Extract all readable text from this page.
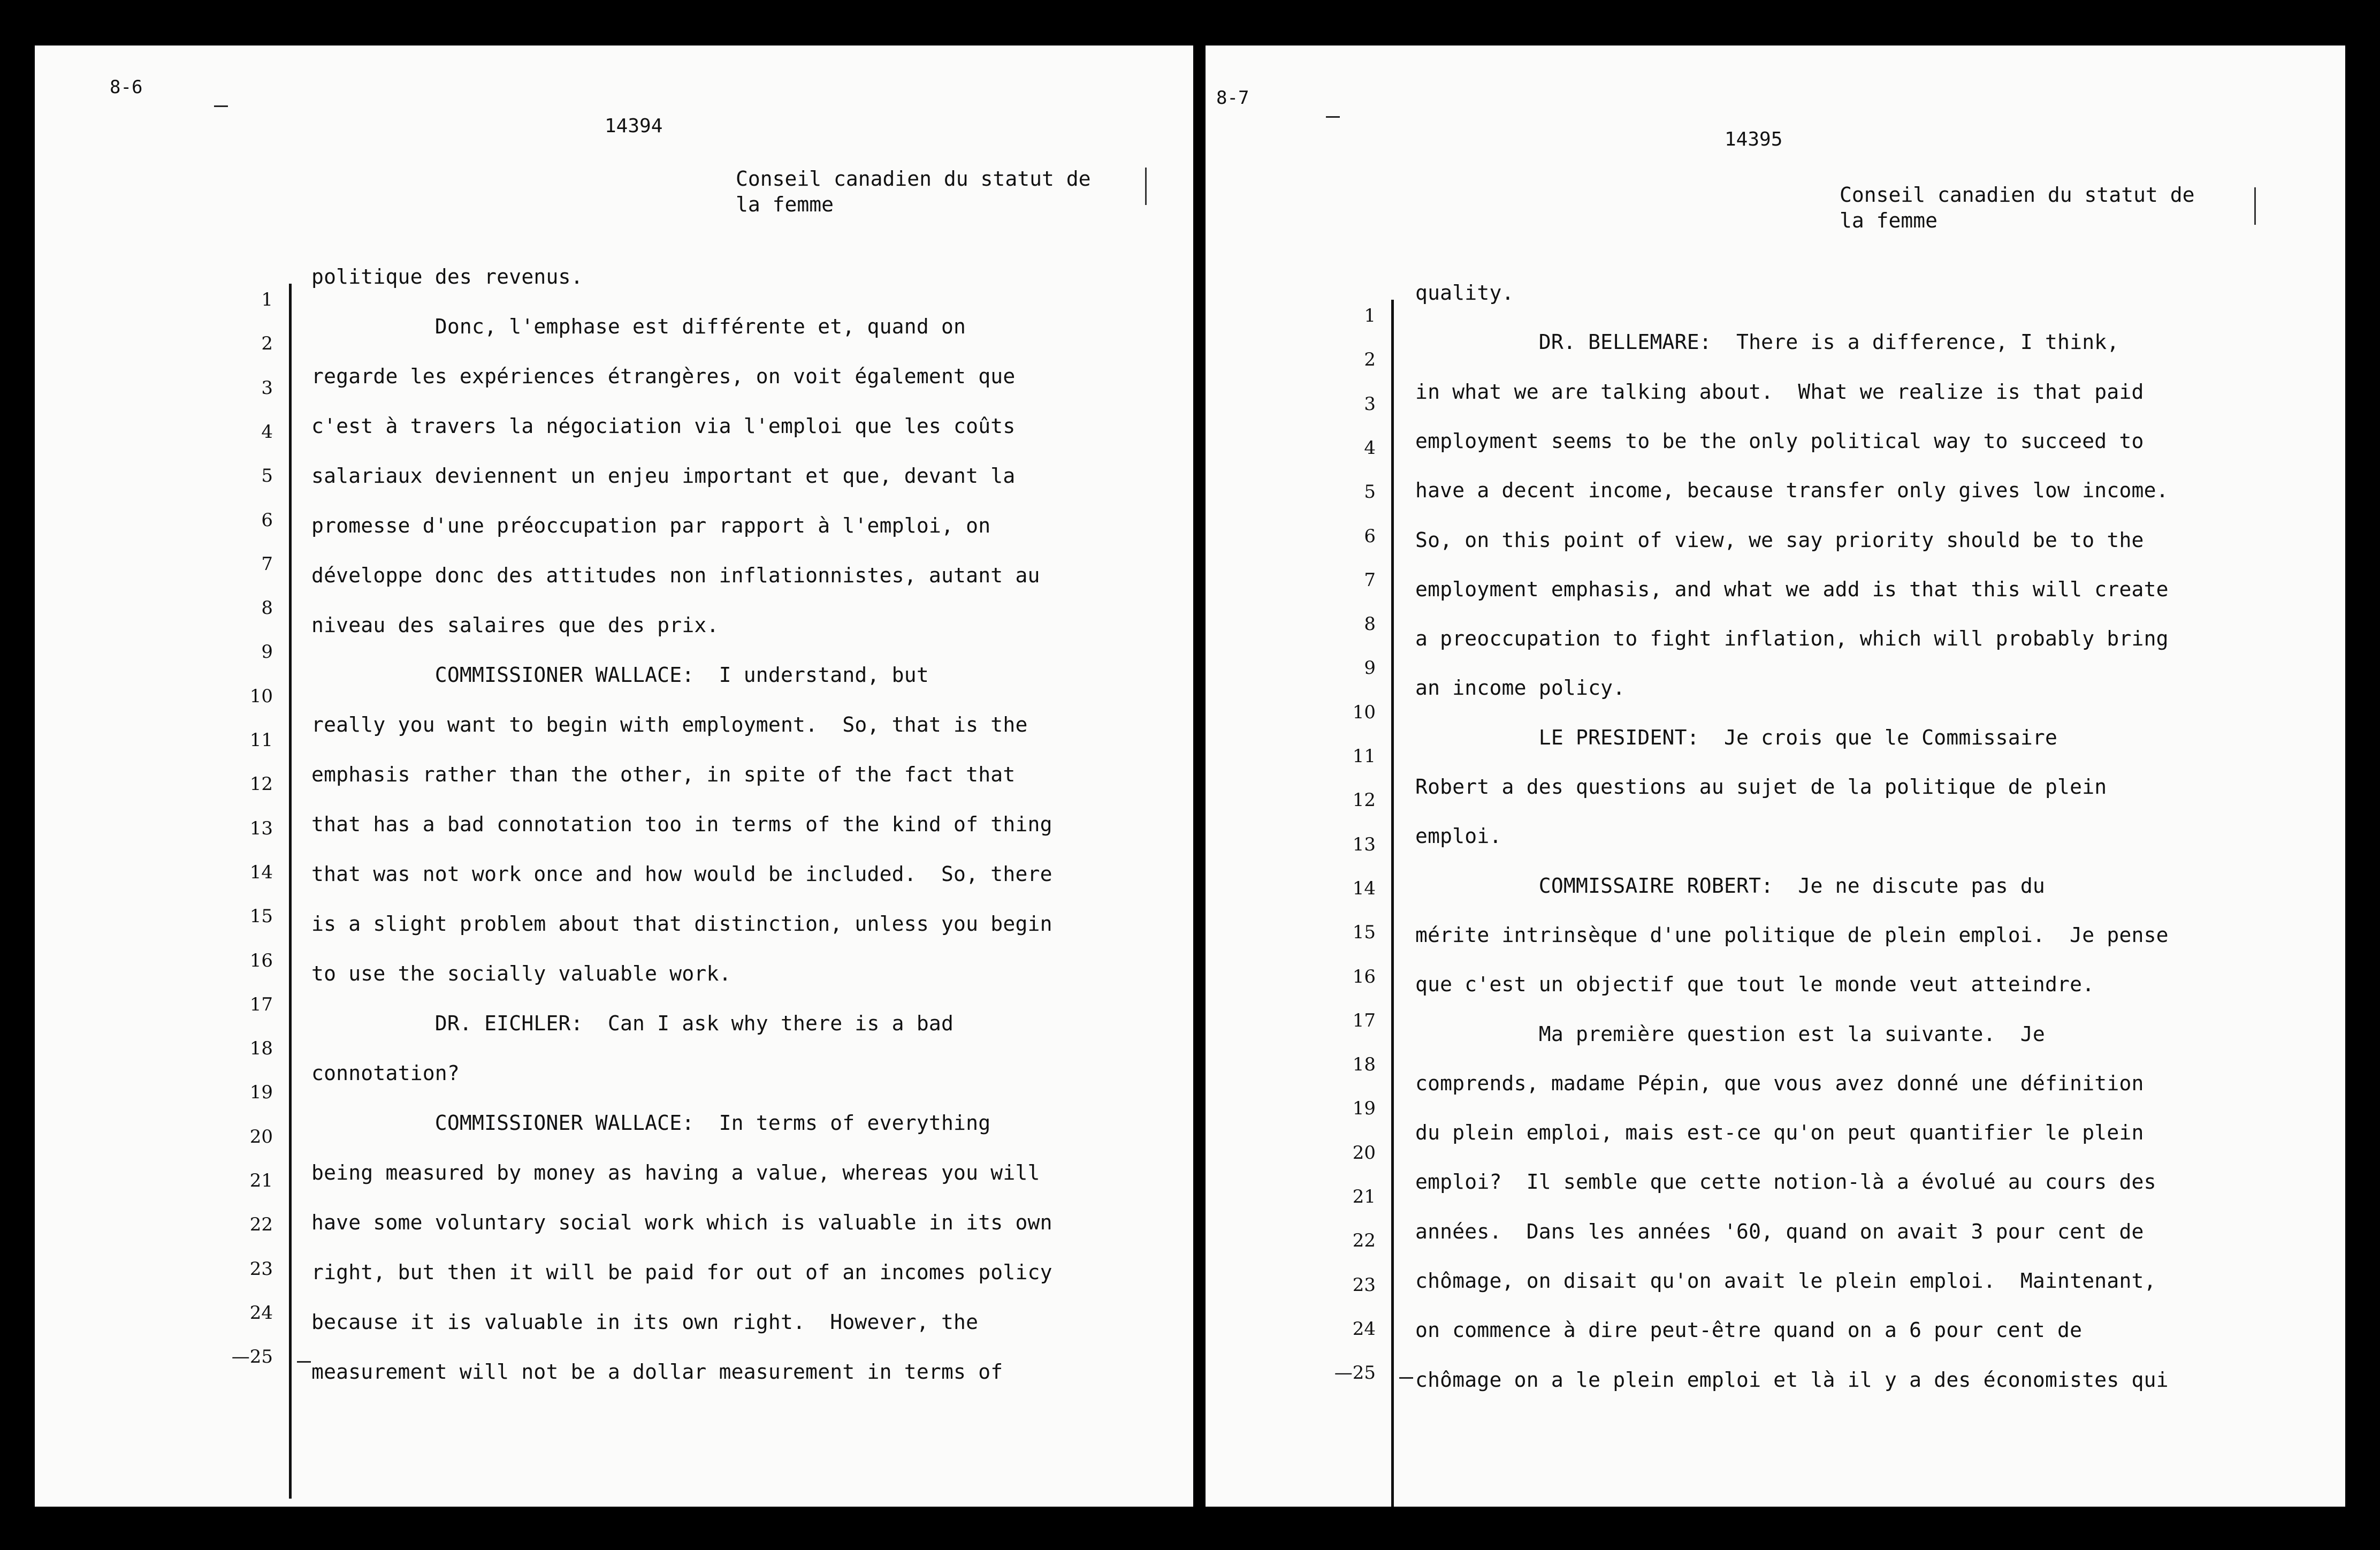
8-6
14394
Conseil canadien du statut de
la femme
1
2
3
4
5
6
7
8
9
10
11
12
13
14
15
16
17
18
19
20
21
22
23
24
—25
politique des revenus.
Donc, l'emphase est différente et, quand on
regarde les expériences étrangères, on voit également que
c'est à travers la négociation via l'emploi que les coûts
salariaux deviennent un enjeu important et que, devant la
promesse d'une préoccupation par rapport à l'emploi, on
développe donc des attitudes non inflationnistes, autant au
niveau des salaires que des prix.
COMMISSIONER WALLACE:  I understand, but
really you want to begin with employment.  So, that is the
emphasis rather than the other, in spite of the fact that
that has a bad connotation too in terms of the kind of thing
that was not work once and how would be included.  So, there
is a slight problem about that distinction, unless you begin
to use the socially valuable work.
DR. EICHLER:  Can I ask why there is a bad
connotation?
COMMISSIONER WALLACE:  In terms of everything
being measured by money as having a value, whereas you will
have some voluntary social work which is valuable in its own
right, but then it will be paid for out of an incomes policy
because it is valuable in its own right.  However, the
measurement will not be a dollar measurement in terms of
8-7
14395
Conseil canadien du statut de
la femme
1
2
3
4
5
6
7
8
9
10
11
12
13
14
15
16
17
18
19
20
21
22
23
24
—25
quality.
DR. BELLEMARE:  There is a difference, I think,
in what we are talking about.  What we realize is that paid
employment seems to be the only political way to succeed to
have a decent income, because transfer only gives low income.
So, on this point of view, we say priority should be to the
employment emphasis, and what we add is that this will create
a preoccupation to fight inflation, which will probably bring
an income policy.
LE PRESIDENT:  Je crois que le Commissaire
Robert a des questions au sujet de la politique de plein
emploi.
COMMISSAIRE ROBERT:  Je ne discute pas du
mérite intrinsèque d'une politique de plein emploi.  Je pense
que c'est un objectif que tout le monde veut atteindre.
Ma première question est la suivante.  Je
comprends, madame Pépin, que vous avez donné une définition
du plein emploi, mais est-ce qu'on peut quantifier le plein
emploi?  Il semble que cette notion-là a évolué au cours des
années.  Dans les années '60, quand on avait 3 pour cent de
chômage, on disait qu'on avait le plein emploi.  Maintenant,
on commence à dire peut-être quand on a 6 pour cent de
chômage on a le plein emploi et là il y a des économistes qui
